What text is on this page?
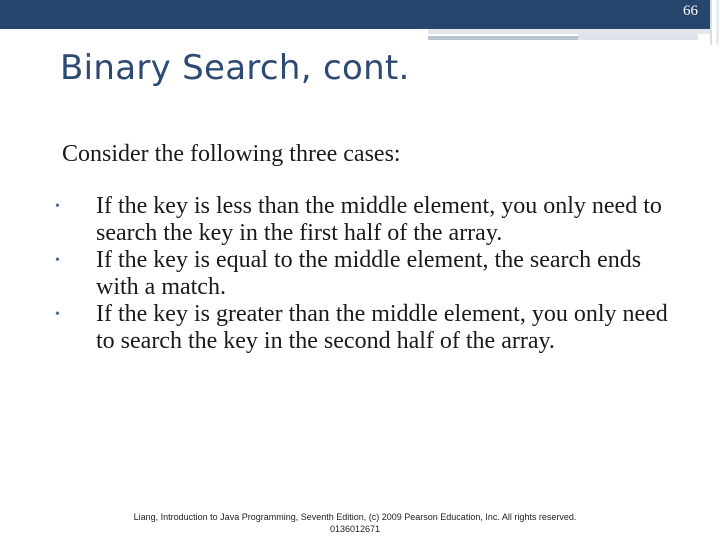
66
Binary Search, cont.
Consider the following three cases:
• If the key is less than the middle element, you only need to search the key in the first half of the array.
• If the key is equal to the middle element, the search ends with a match.
• If the key is greater than the middle element, you only need to search the key in the second half of the array.
Liang, Introduction to Java Programming, Seventh Edition, (c) 2009 Pearson Education, Inc. All rights reserved. 0136012671
